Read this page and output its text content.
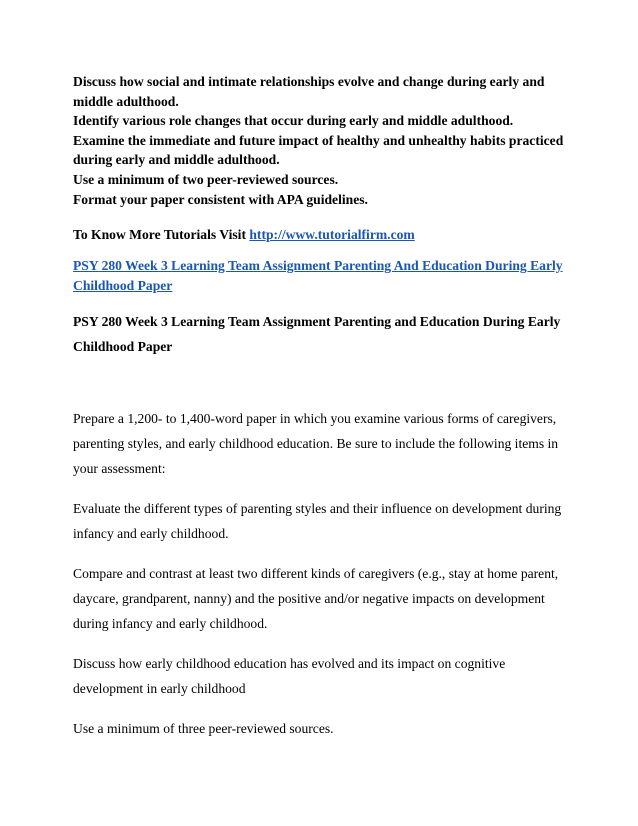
Discuss how social and intimate relationships evolve and change during early and middle adulthood.
Identify various role changes that occur during early and middle adulthood.
Examine the immediate and future impact of healthy and unhealthy habits practiced during early and middle adulthood.
Use a minimum of two peer-reviewed sources.
Format your paper consistent with APA guidelines.
To Know More Tutorials Visit http://www.tutorialfirm.com
PSY 280 Week 3 Learning Team Assignment Parenting And Education During Early Childhood Paper
PSY 280 Week 3 Learning Team Assignment Parenting and Education During Early Childhood Paper

Prepare a 1,200- to 1,400-word paper in which you examine various forms of caregivers, parenting styles, and early childhood education. Be sure to include the following items in your assessment:

Evaluate the different types of parenting styles and their influence on development during infancy and early childhood.

Compare and contrast at least two different kinds of caregivers (e.g., stay at home parent, daycare, grandparent, nanny) and the positive and/or negative impacts on development during infancy and early childhood.

Discuss how early childhood education has evolved and its impact on cognitive development in early childhood

Use a minimum of three peer-reviewed sources.
